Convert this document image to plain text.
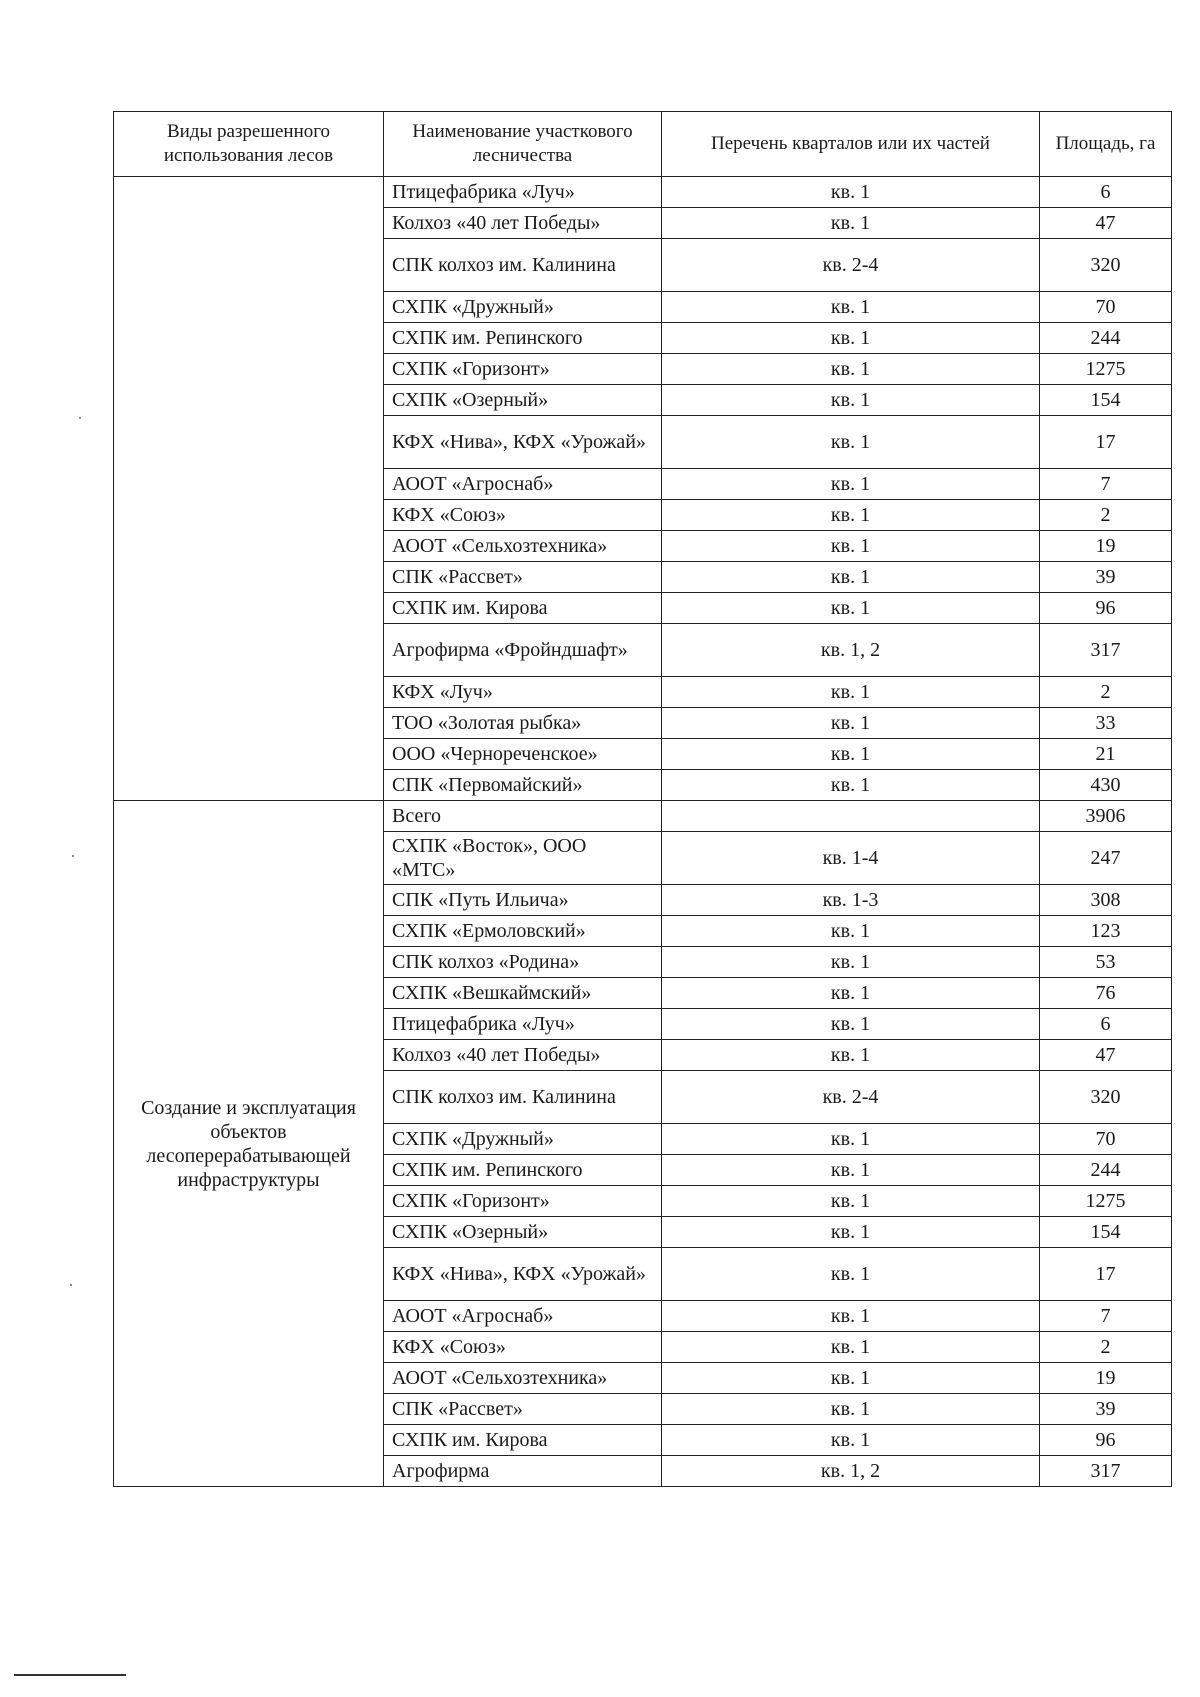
Виды разрешенного использования лесов	Наименование участкового лесничества	Перечень кварталов или их частей	Площадь, га
	Птицефабрика «Луч»	кв. 1	6
	Колхоз «40 лет Победы»	кв. 1	47
	СПК колхоз им. Калинина	кв. 2-4	320
	СХПК «Дружный»	кв. 1	70
	СХПК им. Репинского	кв. 1	244
	СХПК «Горизонт»	кв. 1	1275
	СХПК «Озерный»	кв. 1	154
	КФХ «Нива», КФХ «Урожай»	кв. 1	17
	АООТ «Агроснаб»	кв. 1	7
	КФХ «Союз»	кв. 1	2
	АООТ «Сельхозтехника»	кв. 1	19
	СПК «Рассвет»	кв. 1	39
	СХПК им. Кирова	кв. 1	96
	Агрофирма «Фройндшафт»	кв. 1, 2	317
	КФХ «Луч»	кв. 1	2
	ТОО «Золотая рыбка»	кв. 1	33
	ООО «Чернореченское»	кв. 1	21
	СПК «Первомайский»	кв. 1	430
Создание и эксплуатация объектов лесоперерабатывающей инфраструктуры	Всего		3906
	СХПК «Восток», ООО «МТС»	кв. 1-4	247
	СПК «Путь Ильича»	кв. 1-3	308
	СХПК «Ермоловский»	кв. 1	123
	СПК колхоз «Родина»	кв. 1	53
	СХПК «Вешкаймский»	кв. 1	76
	Птицефабрика «Луч»	кв. 1	6
	Колхоз «40 лет Победы»	кв. 1	47
	СПК колхоз им. Калинина	кв. 2-4	320
	СХПК «Дружный»	кв. 1	70
	СХПК им. Репинского	кв. 1	244
	СХПК «Горизонт»	кв. 1	1275
	СХПК «Озерный»	кв. 1	154
	КФХ «Нива», КФХ «Урожай»	кв. 1	17
	АООТ «Агроснаб»	кв. 1	7
	КФХ «Союз»	кв. 1	2
	АООТ «Сельхозтехника»	кв. 1	19
	СПК «Рассвет»	кв. 1	39
	СХПК им. Кирова	кв. 1	96
	Агрофирма	кв. 1, 2	317
